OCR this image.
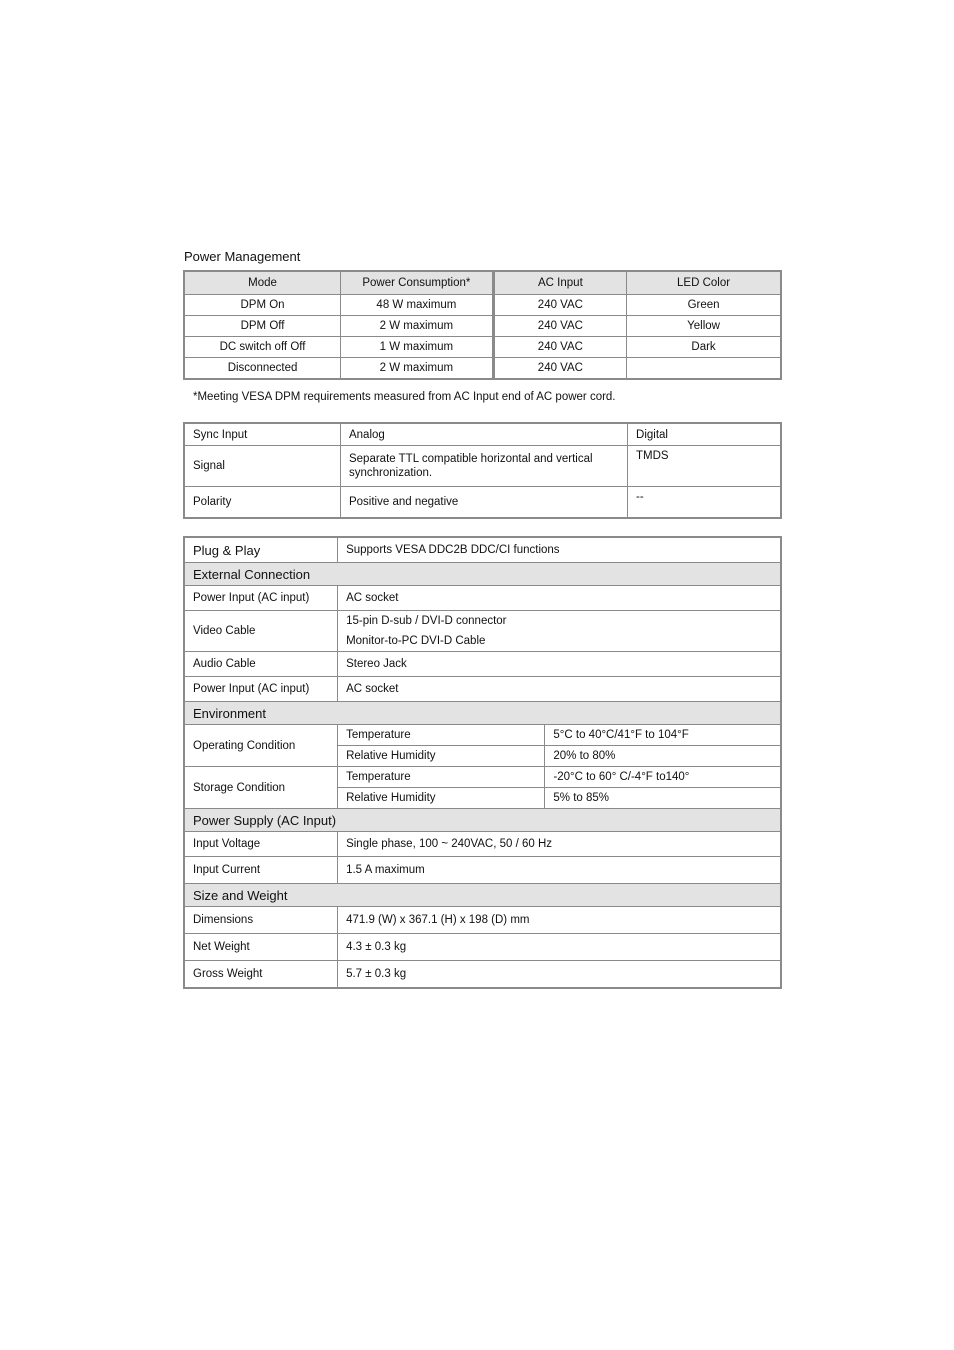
Power Management
Mode	Power Consumption*	AC Input	LED Color
DPM On	48 W maximum	240 VAC	Green
DPM Off	2 W maximum	240 VAC	Yellow
DC switch off Off	1 W maximum	240 VAC	Dark
Disconnected	2 W maximum	240 VAC	
*Meeting VESA DPM requirements measured from AC Input end of AC power cord.
Sync Input	Analog	Digital
Signal	Separate TTL compatible horizontal and vertical synchronization.	TMDS
Polarity	Positive and negative	--
Plug & Play	Supports VESA DDC2B DDC/CI functions	
External Connection		
Power Input (AC input)	AC socket	
Video Cable	15-pin D-sub / DVI-D connector
Monitor-to-PC DVI-D Cable	

Audio Cable	Stereo Jack	
Power Input (AC input)	AC socket	
Environment		
Operating Condition	Temperature	5°C to 40°C/41°F to 104°F
	Relative Humidity	20% to 80%
Storage Condition	Temperature	-20°C to 60° C/-4°F to140°
	Relative Humidity	5% to 85%
Power Supply (AC Input)		
Input Voltage	Single phase, 100 ~ 240VAC, 50 / 60 Hz	
Input Current	1.5 A maximum	
Size and Weight		
Dimensions	471.9 (W) x 367.1 (H) x 198 (D) mm	
Net Weight	4.3 ± 0.3 kg	
Gross Weight	5.7 ± 0.3 kg	
